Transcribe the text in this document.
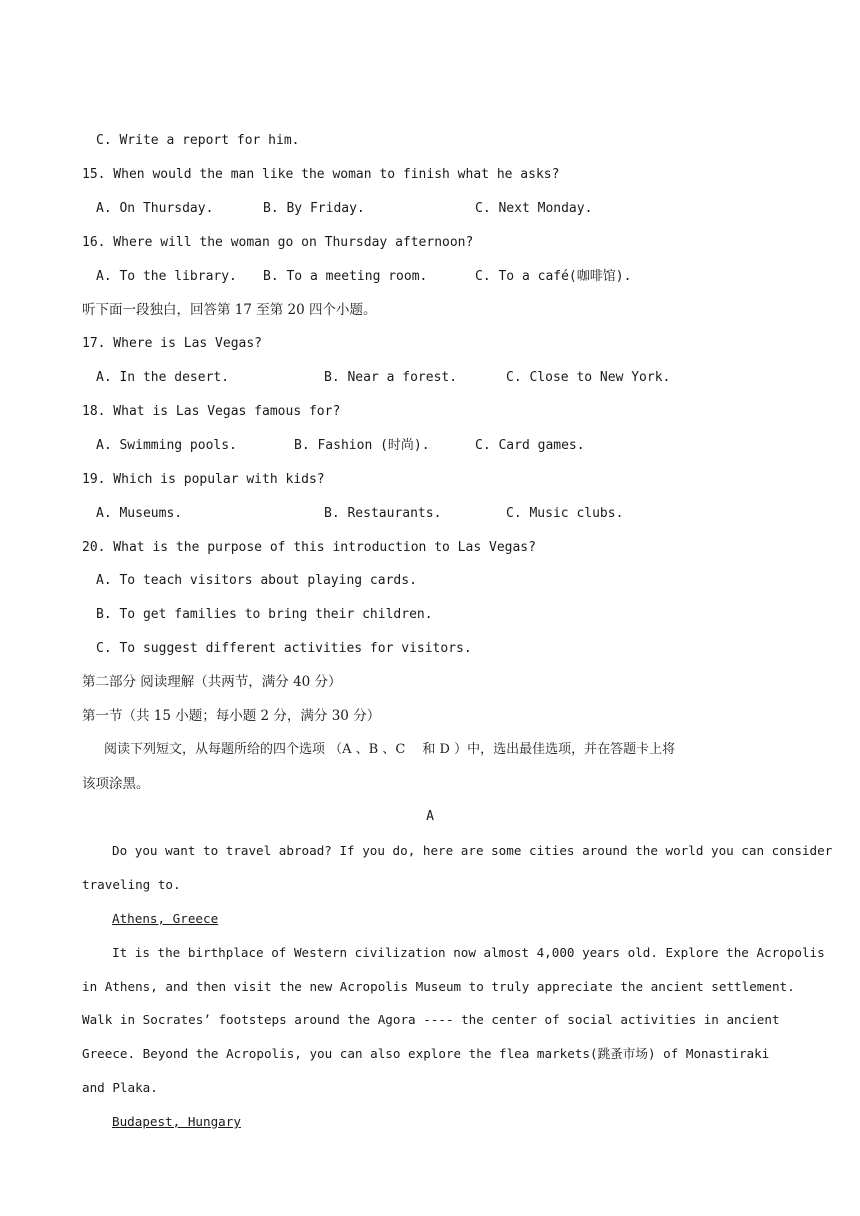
C. Write a report for him.
15. When would the man like the woman to finish what he asks?
A. On Thursday.	B. By Friday.	C. Next Monday.
16. Where will the woman go on Thursday afternoon?
A. To the library. B. To a meeting room.	C. To a café(咖啡馆).
听下面一段独白，回答第 17 至第 20 四个小题。
17. Where is Las Vegas?
A. In the desert.	B. Near a forest.	C. Close to New York.
18. What is Las Vegas famous for?
A. Swimming pools.	B. Fashion (时尚).	C. Card games.
19. Which is popular with kids?
A. Museums.	B. Restaurants.	C. Music clubs.
20. What is the purpose of this introduction to Las Vegas?
A. To teach visitors about playing cards.
B. To get families to bring their children.
C. To suggest different activities for visitors.
第二部分 阅读理解（共两节，满分 40 分）
第一节（共 15 小题；每小题 2 分，满分 30 分）
阅读下列短文，从每题所给的四个选项 （A 、B 、C　 和 D ）中，选出最佳选项，并在答题卡上将
该项涂黑。
A
Do you want to travel abroad? If you do, here are some cities around the world you can consider
traveling to.
Athens, Greece
It is the birthplace of Western civilization now almost 4,000 years old. Explore the Acropolis
in Athens, and then visit the new Acropolis Museum to truly appreciate the ancient settlement.
Walk in Socrates’ footsteps around the Agora ---- the center of social activities in ancient
Greece. Beyond the Acropolis, you can also explore the flea markets(跳蚤市场) of Monastiraki
and Plaka.
Budapest, Hungary
